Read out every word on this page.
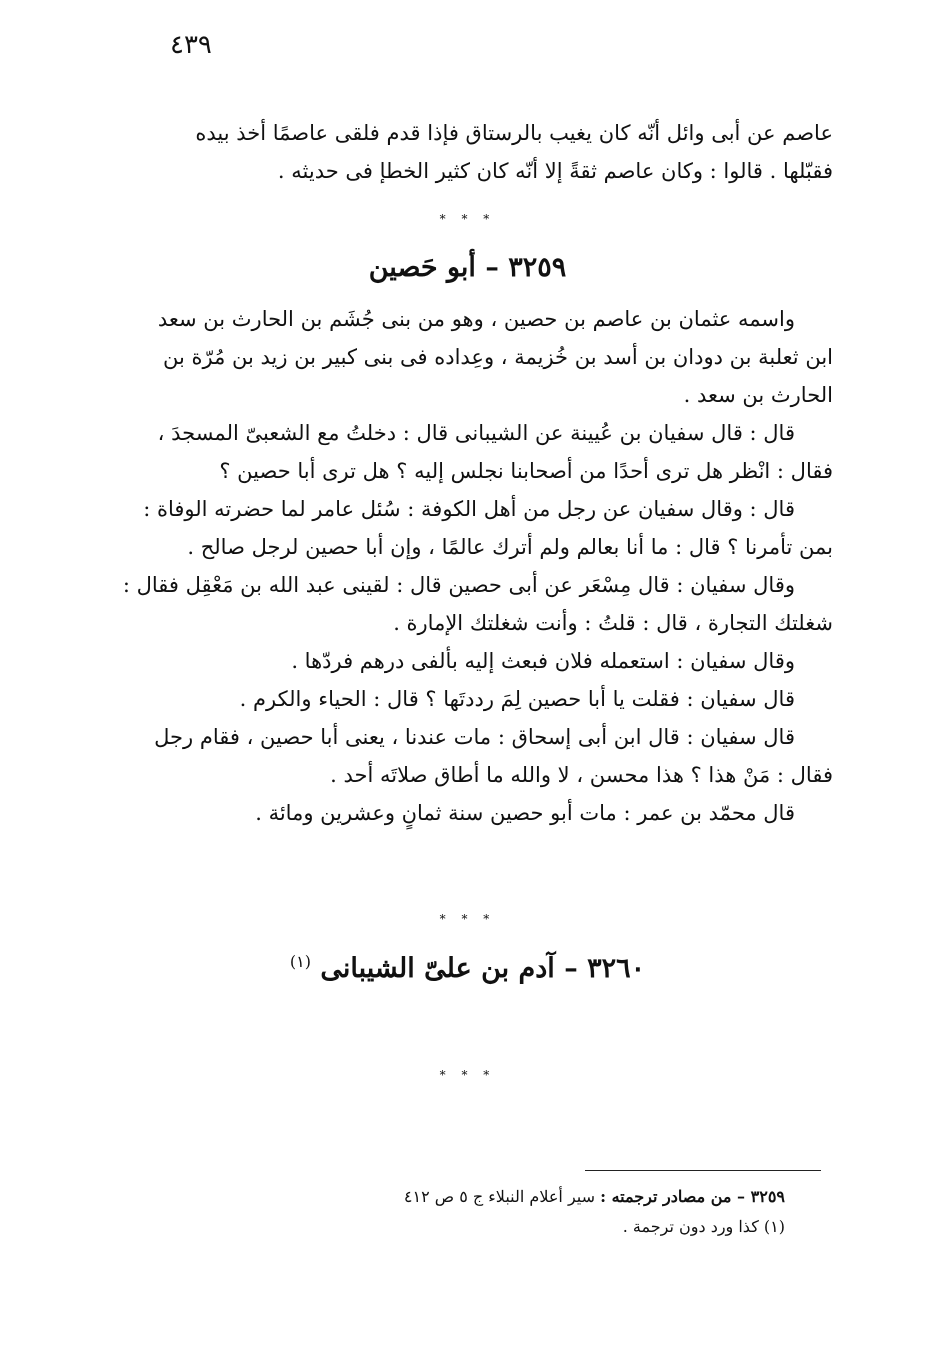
٤٣٩
عاصم عن أبى وائل أنّه كان يغيب بالرستاق فإذا قدم فلقى عاصمًا أخذ بيده
فقبّلها . قالوا : وكان عاصم ثقةً إلا أنّه كان كثير الخطإ فى حديثه .
* * *
٣٢٥٩ – أبو حَصين
واسمه عثمان بن عاصم بن حصين ، وهو من بنى جُشَم بن الحارث بن سعد
ابن ثعلبة بن دودان بن أسد بن خُزيمة ، وعِداده فى بنى كبير بن زيد بن مُرّة بن
الحارث بن سعد .
قال : قال سفيان بن عُيينة عن الشيبانى قال : دخلتُ مع الشعبىّ المسجدَ ،
فقال : انْظر هل ترى أحدًا من أصحابنا نجلس إليه ؟ هل ترى أبا حصين ؟
قال : وقال سفيان عن رجل من أهل الكوفة : سُئل عامر لما حضرته الوفاة :
بمن تأمرنا ؟ قال : ما أنا بعالم ولم أترك عالمًا ، وإن أبا حصين لرجل صالح .
وقال سفيان : قال مِسْعَر عن أبى حصين قال : لقينى عبد الله بن مَعْقِل فقال :
شغلتك التجارة ، قال : قلتُ : وأنت شغلتك الإمارة .
وقال سفيان : استعمله فلان فبعث إليه بألفى درهم فردّها .
قال سفيان : فقلت يا أبا حصين لِمَ رددتَها ؟ قال : الحياء والكرم .
قال سفيان : قال ابن أبى إسحاق : مات عندنا ، يعنى أبا حصين ، فقام رجل
فقال : مَنْ هذا ؟ هذا محسن ، لا والله ما أطاق صلاتَه أحد .
قال محمّد بن عمر : مات أبو حصين سنة ثمانٍ وعشرين ومائة .
* * *
٣٢٦٠ – آدم بن علىّ الشيبانى $^{(١)}$
* * *
٣٢٥٩ – من مصادر ترجمته : سير أعلام النبلاء ج ٥ ص ٤١٢
(١) كذا ورد دون ترجمة .
